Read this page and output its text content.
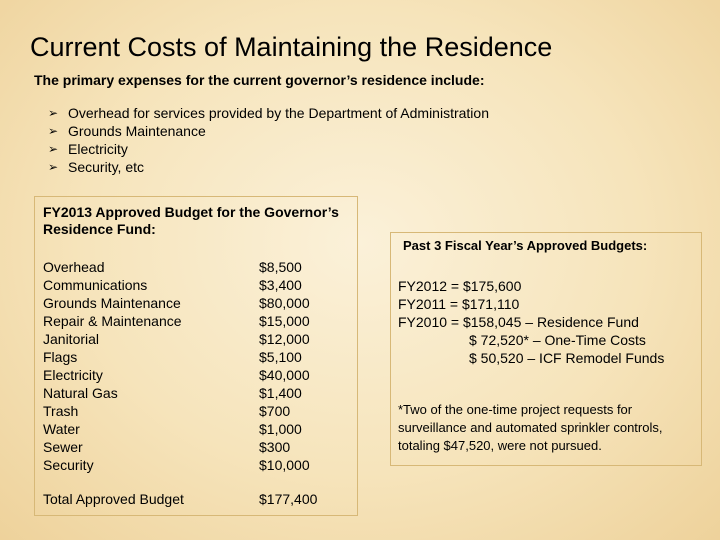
Current Costs of Maintaining the Residence
The primary expenses for the current governor’s residence include:
➢ Overhead for services provided by the Department of Administration
➢ Grounds Maintenance
➢ Electricity
➢ Security, etc
FY2013 Approved Budget for the Governor’s Residence Fund:
Overhead	$8,500
Communications	$3,400
Grounds Maintenance	$80,000
Repair & Maintenance	$15,000
Janitorial	$12,000
Flags	$5,100
Electricity	$40,000
Natural Gas	$1,400
Trash	$700
Water	$1,000
Sewer	$300
Security	$10,000
Total Approved Budget	$177,400
Past 3 Fiscal Year’s Approved Budgets:
FY2012 = $175,600
FY2011 = $171,110
FY2010 = $158,045 – Residence Fund
$ 72,520* – One-Time Costs
$ 50,520 – ICF Remodel Funds
*Two of the one-time project requests for surveillance and automated sprinkler controls, totaling $47,520, were not pursued.
